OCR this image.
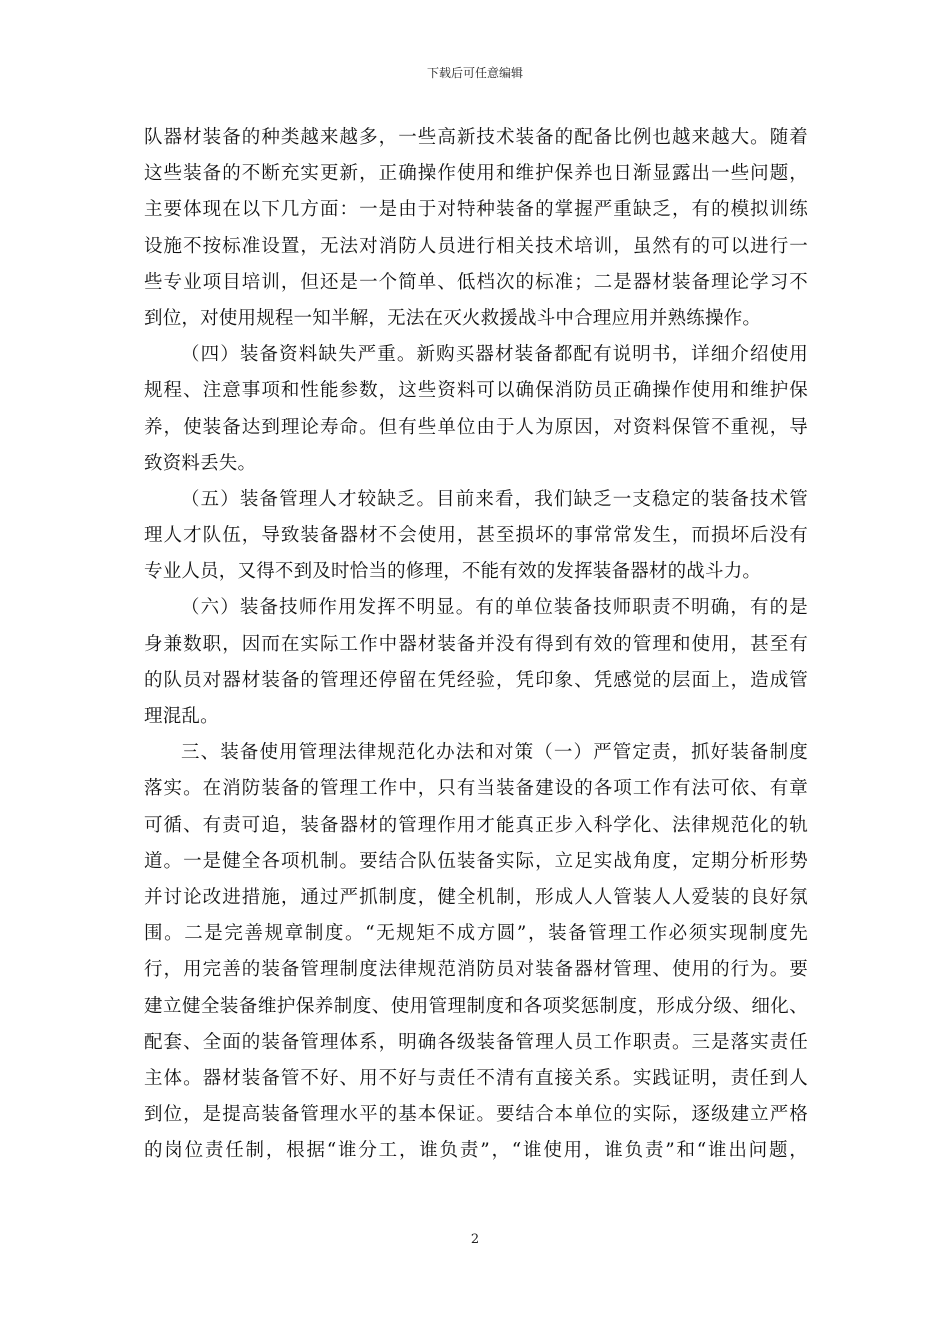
下载后可任意编辑
队器材装备的种类越来越多，一些高新技术装备的配备比例也越来越大。随着
这些装备的不断充实更新，正确操作使用和维护保养也日渐显露出一些问题，
主要体现在以下几方面：一是由于对特种装备的掌握严重缺乏，有的模拟训练
设施不按标准设置，无法对消防人员进行相关技术培训，虽然有的可以进行一
些专业项目培训，但还是一个简单、低档次的标准；二是器材装备理论学习不
到位，对使用规程一知半解，无法在灭火救援战斗中合理应用并熟练操作。
（四）装备资料缺失严重。新购买器材装备都配有说明书，详细介绍使用
规程、注意事项和性能参数，这些资料可以确保消防员正确操作使用和维护保
养，使装备达到理论寿命。但有些单位由于人为原因，对资料保管不重视，导
致资料丢失。
（五）装备管理人才较缺乏。目前来看，我们缺乏一支稳定的装备技术管
理人才队伍，导致装备器材不会使用，甚至损坏的事常常发生，而损坏后没有
专业人员，又得不到及时恰当的修理，不能有效的发挥装备器材的战斗力。
（六）装备技师作用发挥不明显。有的单位装备技师职责不明确，有的是
身兼数职，因而在实际工作中器材装备并没有得到有效的管理和使用，甚至有
的队员对器材装备的管理还停留在凭经验，凭印象、凭感觉的层面上，造成管
理混乱。
三、装备使用管理法律规范化办法和对策（一）严管定责，抓好装备制度
落实。在消防装备的管理工作中，只有当装备建设的各项工作有法可依、有章
可循、有责可追，装备器材的管理作用才能真正步入科学化、法律规范化的轨
道。一是健全各项机制。要结合队伍装备实际，立足实战角度，定期分析形势
并讨论改进措施，通过严抓制度，健全机制，形成人人管装人人爱装的良好氛
围。二是完善规章制度。“无规矩不成方圆”，装备管理工作必须实现制度先
行，用完善的装备管理制度法律规范消防员对装备器材管理、使用的行为。要
建立健全装备维护保养制度、使用管理制度和各项奖惩制度，形成分级、细化、
配套、全面的装备管理体系，明确各级装备管理人员工作职责。三是落实责任
主体。器材装备管不好、用不好与责任不清有直接关系。实践证明，责任到人
到位，是提高装备管理水平的基本保证。要结合本单位的实际，逐级建立严格
的岗位责任制，根据“谁分工，谁负责”，“谁使用，谁负责”和“谁出问题，
2
